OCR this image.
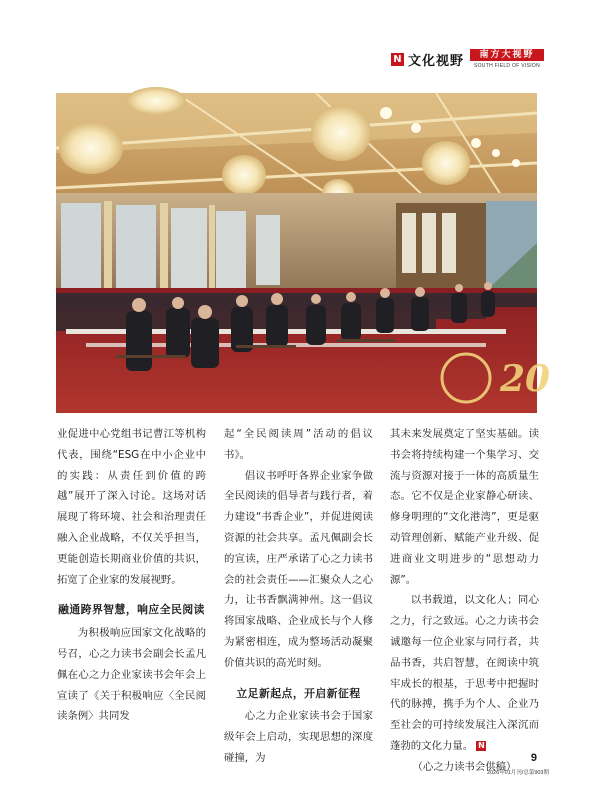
N 文化视野	南方大视野
SOUTH FIELD OF VISION
20

业促进中心党组书记曹江等机构代表，围绕“ESG在中小企业中的实践：从责任到价值的跨越”展开了深入讨论。这场对话展现了将环境、社会和治理责任融入企业战略，不仅关乎担当，更能创造长期商业价值的共识，拓宽了企业家的发展视野。

融通跨界智慧，响应全民阅读

为积极响应国家文化战略的号召，心之力读书会副会长孟凡佩在心之力企业家读书会年会上宣读了《关于积极响应〈全民阅读条例〉共同发

起“全民阅读周”活动的倡议书》。

倡议书呼吁各界企业家争做全民阅读的倡导者与践行者，着力建设“书香企业”，并促进阅读资源的社会共享。孟凡佩副会长的宣读，庄严承诺了心之力读书会的社会责任——汇聚众人之心力，让书香飘满神州。这一倡议将国家战略、企业成长与个人修为紧密相连，成为整场活动凝聚价值共识的高光时刻。

立足新起点，开启新征程

心之力企业家读书会于国家级年会上启动，实现思想的深度碰撞，为

其未来发展奠定了坚实基础。读书会将持续构建一个集学习、交流与资源对接于一体的高质量生态。它不仅是企业家静心研读、修身明理的“文化港湾”，更是驱动管理创新、赋能产业升级、促进商业文明进步的“思想动力源”。

以书载道，以文化人；同心之力，行之致远。心之力读书会诚邀每一位企业家与同行者，共品书香，共启智慧，在阅读中筑牢成长的根基，于思考中把握时代的脉搏，携手为个人、企业乃至社会的可持续发展注入深沉而蓬勃的文化力量。 N

（心之力读书会供稿）

9
2026年01月刊/总第903期
